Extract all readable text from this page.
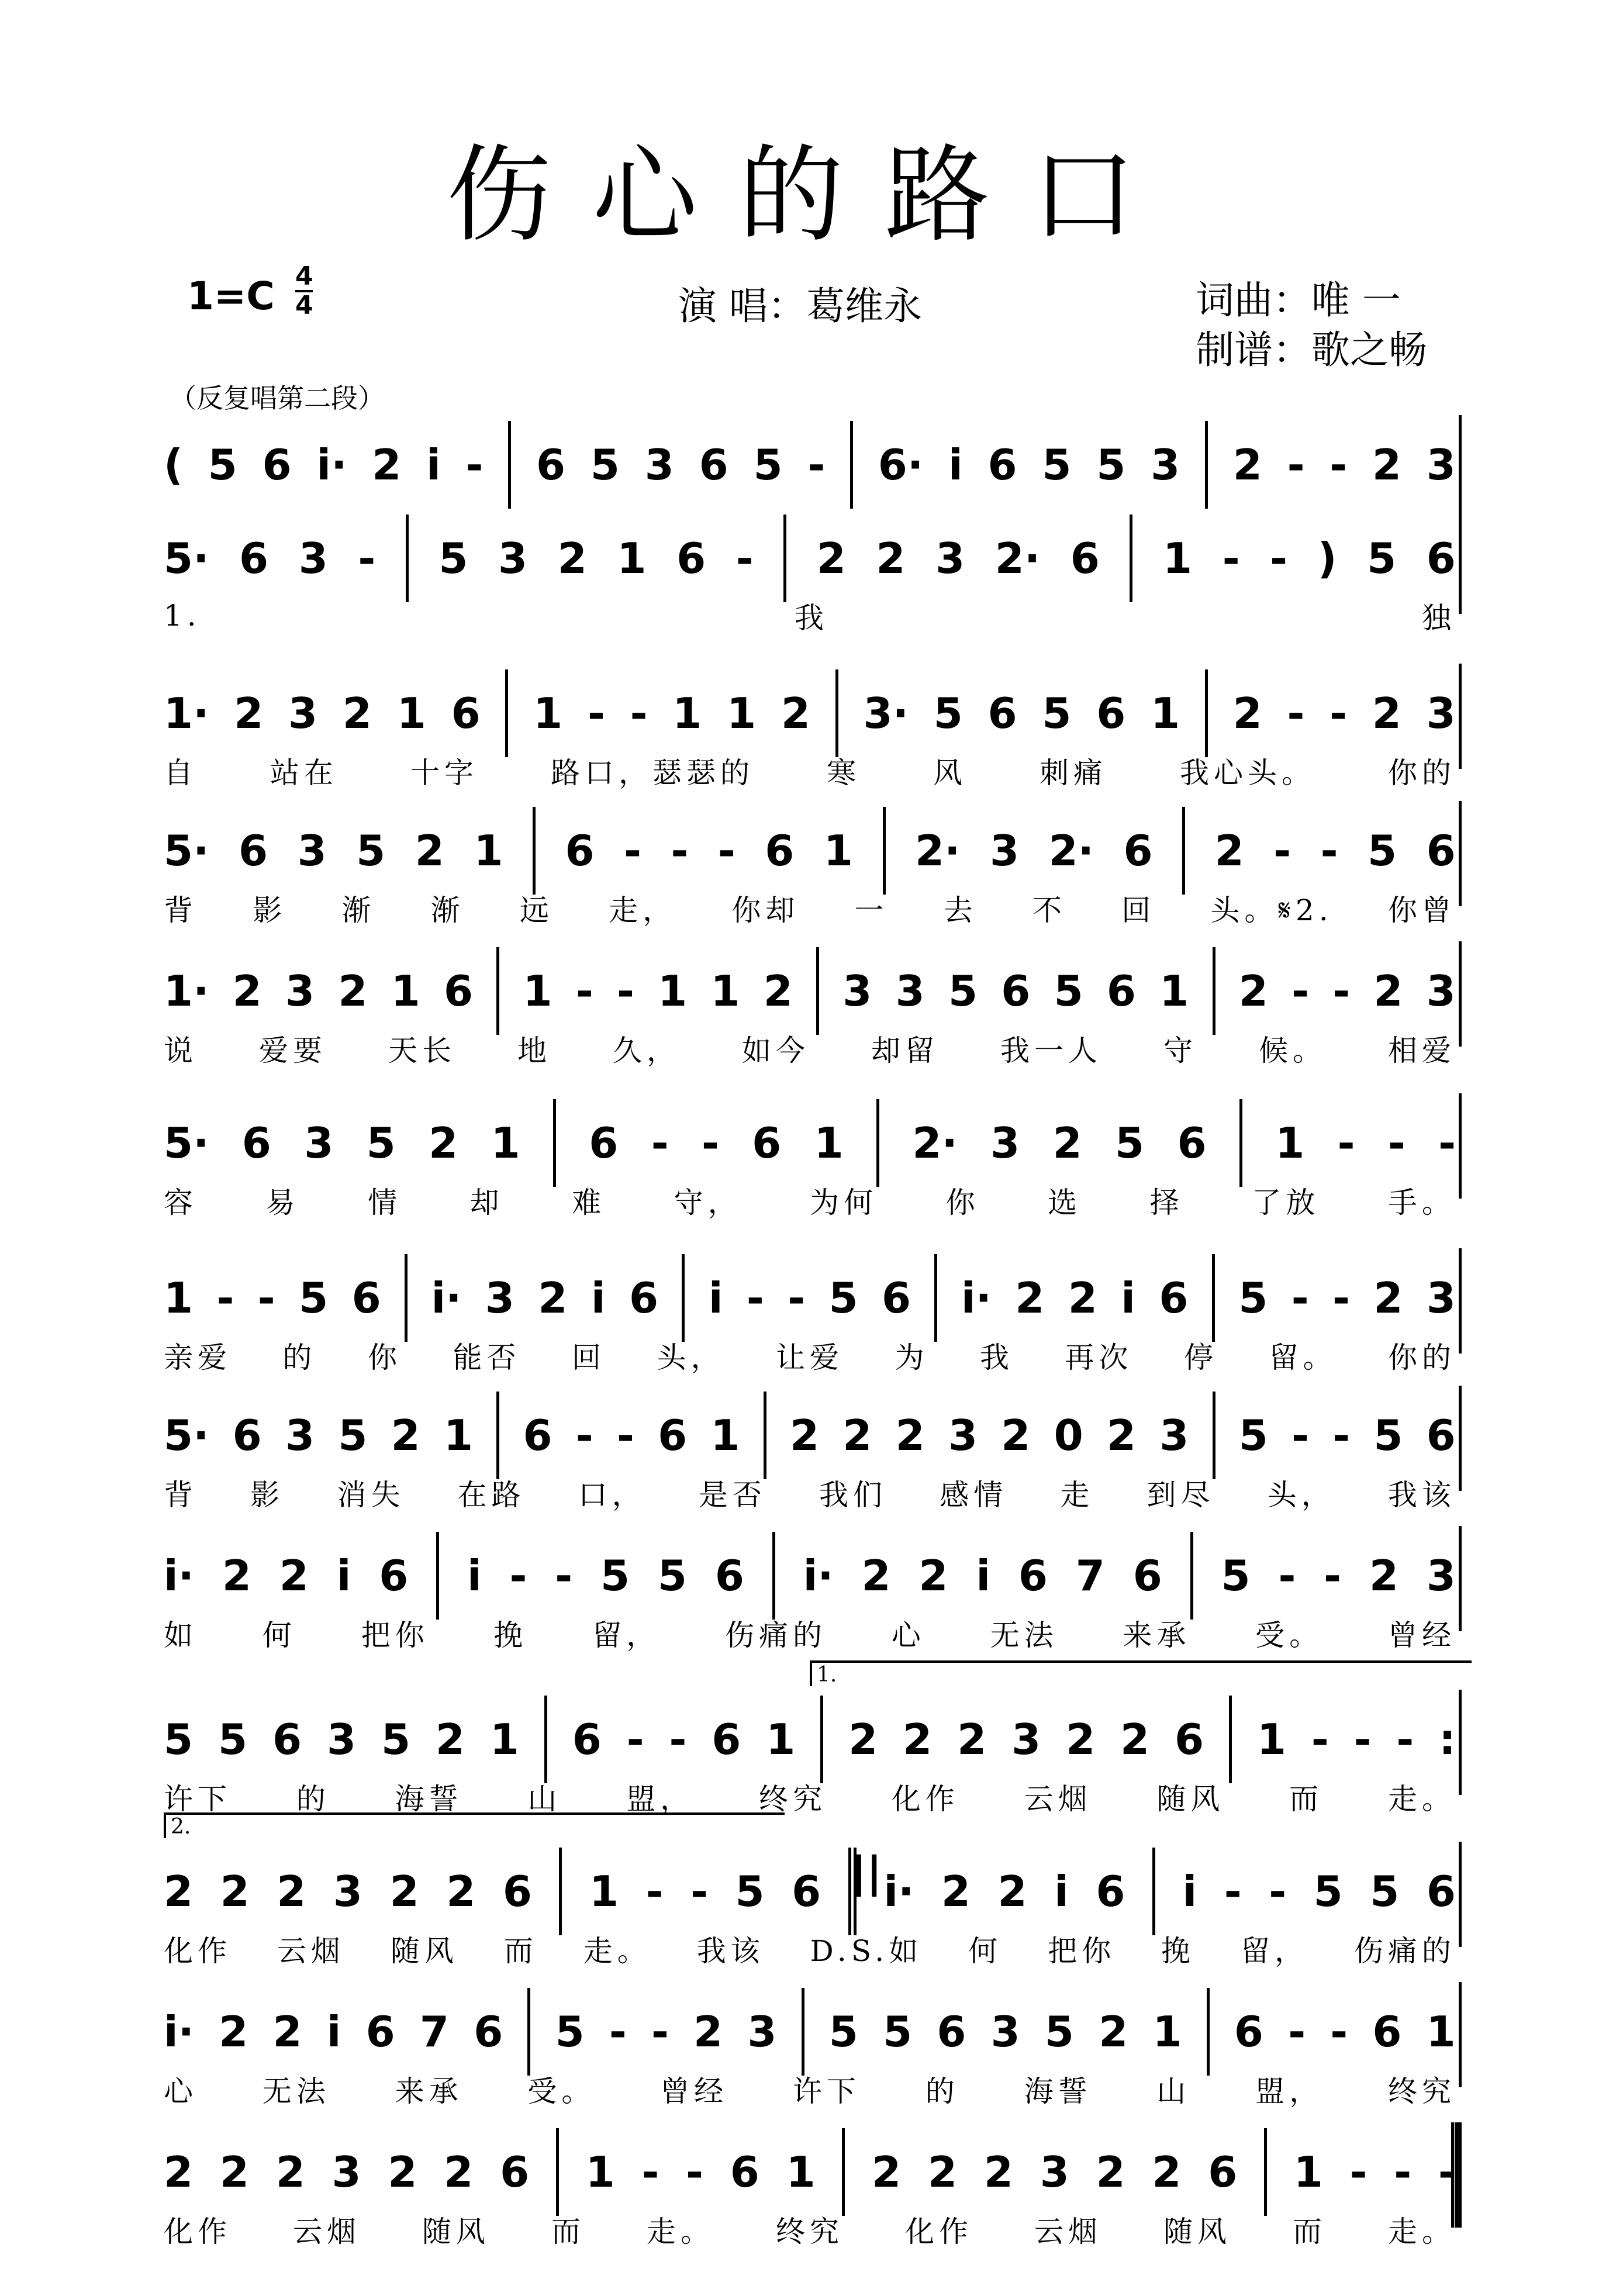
伤心的路口
1=C 4
4	演 唱：葛维永	词曲：唯 一
制谱：歌之畅
（反复唱第二段）
( 5 6 i· 2 i - 6 5 3 6 5 - 6· i 6 5 5 3 2 - - 2 3
5· 6 3 - 5 3 2 1 6 - 2 2 3 2· 6 1 - - ) 5 6
1.	我	独
1· 2 3 2 1 6 1 - - 1 1 2 3· 5 6 5 6 1 2 - - 2 3
自 站在 十字 路口，瑟瑟的 寒 风 刺痛 我心头。 你的
5· 6 3 5 2 1 6 - - - 6 1 2· 3 2· 6 2 - - 5 6
背 影 渐 渐 远 走， 你却 一 去 不 回 头。𝄋2. 你曾
1· 2 3 2 1 6 1 - - 1 1 2 3 3 5 6 5 6 1 2 - - 2 3
说 爱要 天长 地 久， 如今 却留 我一人 守 候。 相爱
5· 6 3 5 2 1 6 - - 6 1 2· 3 2 5 6 1 - - -
容 易 情 却 难 守， 为何 你 选 择 了放 手。
1 - - 5 6 i· 3 2 i 6 i - - 5 6 i· 2 2 i 6 5 - - 2 3
亲爱 的 你 能否 回 头， 让爱 为 我 再次 停 留。 你的
5· 6 3 5 2 1 6 - - 6 1 2 2 2 3 2 0 2 3 5 - - 5 6
背 影 消失 在路 口， 是否 我们 感情 走 到尽 头， 我该
i· 2 2 i 6 i - - 5 5 6 i· 2 2 i 6 7 6 5 - - 2 3
如 何 把你 挽 留， 伤痛的 心 无法 来承 受。 曾经
5 5 6 3 5 2 1 6 - - 6 1 2 2 2 3 2 2 6 1 - - - :
许下 的 海誓 山 盟， 终究 化作 云烟 随风 而 走。
2 2 2 3 2 2 6 1 - - 5 6 || i· 2 2 i 6 i - - 5 5 6
化作 云烟 随风 而 走。 我该 D.S.如 何 把你 挽 留， 伤痛的
i· 2 2 i 6 7 6 5 - - 2 3 5 5 6 3 5 2 1 6 - - 6 1
心 无法 来承 受。 曾经 许下 的 海誓 山 盟， 终究
2 2 2 3 2 2 6 1 - - 6 1 2 2 2 3 2 2 6 1 - - -
化作 云烟 随风 而 走。 终究 化作 云烟 随风 而 走。
1.
2.
